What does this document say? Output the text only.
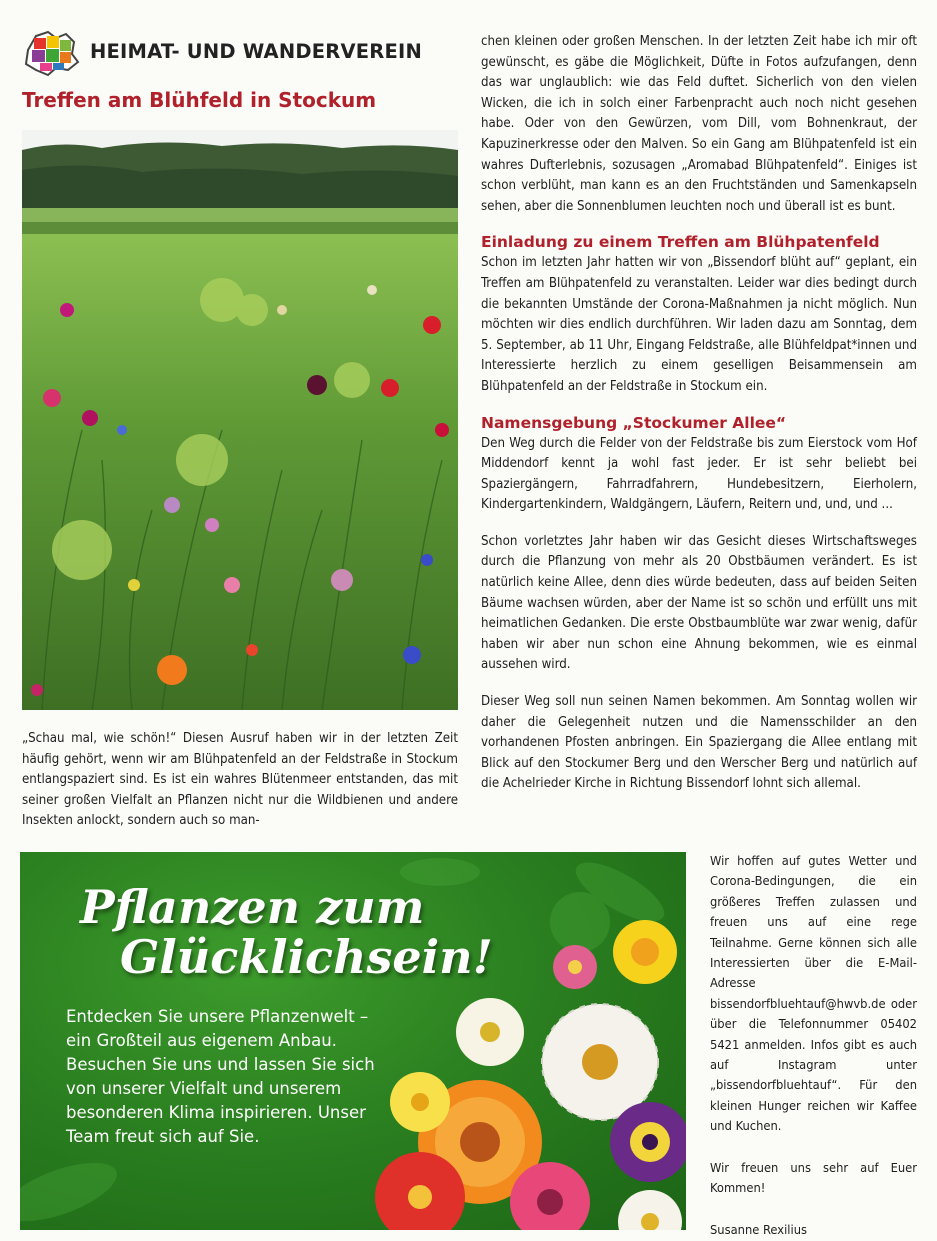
HEIMAT- UND WANDERVEREIN
Treffen am Blühfeld in Stockum
„Schau mal, wie schön!“ Diesen Ausruf haben wir in der letzten Zeit häufig gehört, wenn wir am Blühpatenfeld an der Feldstraße in Stockum entlangspaziert sind. Es ist ein wahres Blütenmeer entstanden, das mit seiner großen Vielfalt an Pflanzen nicht nur die Wildbienen und andere Insekten anlockt, sondern auch so man-
chen kleinen oder großen Menschen. In der letzten Zeit habe ich mir oft gewünscht, es gäbe die Möglichkeit, Düfte in Fotos aufzufangen, denn das war unglaublich: wie das Feld duftet. Sicherlich von den vielen Wicken, die ich in solch einer Farbenpracht auch noch nicht gesehen habe. Oder von den Gewürzen, vom Dill, vom Bohnenkraut, der Kapuzinerkresse oder den Malven. So ein Gang am Blühpatenfeld ist ein wahres Dufterlebnis, sozusagen „Aromabad Blühpatenfeld“. Einiges ist schon verblüht, man kann es an den Fruchtständen und Samenkapseln sehen, aber die Sonnenblumen leuchten noch und überall ist es bunt.
Einladung zu einem Treffen am Blühpatenfeld
Schon im letzten Jahr hatten wir von „Bissendorf blüht auf“ geplant, ein Treffen am Blühpatenfeld zu veranstalten. Leider war dies bedingt durch die bekannten Umstände der Corona-Maßnahmen ja nicht möglich. Nun möchten wir dies endlich durchführen. Wir laden dazu am Sonntag, dem 5. September, ab 11 Uhr, Eingang Feldstraße, alle Blühfeldpat*innen und Interessierte herzlich zu einem geselligen Beisammensein am Blühpatenfeld an der Feldstraße in Stockum ein.
Namensgebung „Stockumer Allee“
Den Weg durch die Felder von der Feldstraße bis zum Eierstock vom Hof Middendorf kennt ja wohl fast jeder. Er ist sehr beliebt bei Spaziergängern, Fahrradfahrern, Hundebesitzern, Eierholern, Kindergartenkindern, Waldgängern, Läufern, Reitern und, und, und ...
Schon vorletztes Jahr haben wir das Gesicht dieses Wirtschaftsweges durch die Pflanzung von mehr als 20 Obstbäumen verändert. Es ist natürlich keine Allee, denn dies würde bedeuten, dass auf beiden Seiten Bäume wachsen würden, aber der Name ist so schön und erfüllt uns mit heimatlichen Gedanken. Die erste Obstbaumblüte war zwar wenig, dafür haben wir aber nun schon eine Ahnung bekommen, wie es einmal aussehen wird.
Dieser Weg soll nun seinen Namen bekommen. Am Sonntag wollen wir daher die Gelegenheit nutzen und die Namensschilder an den vorhandenen Pfosten anbringen. Ein Spaziergang die Allee entlang mit Blick auf den Stockumer Berg und den Werscher Berg und natürlich auf die Achelrieder Kirche in Richtung Bissendorf lohnt sich allemal.
Pflanzen zum
Glücklichsein!
Entdecken Sie unsere Pflanzenwelt – ein Großteil aus eigenem Anbau. Besuchen Sie uns und lassen Sie sich von unserer Vielfalt und unserem besonderen Klima inspirieren. Unser Team freut sich auf Sie.
Wir hoffen auf gutes Wetter und Corona-Bedingungen, die ein größeres Treffen zulassen und freuen uns auf eine rege Teilnahme. Gerne können sich alle Interessierten über die E-Mail-Adresse bissendorfbluehtauf@hwvb.de oder über die Telefonnummer 05402 5421 anmelden. Infos gibt es auch auf Instagram unter „bissendorfbluehtauf“. Für den kleinen Hunger reichen wir Kaffee und Kuchen.
Wir freuen uns sehr auf Euer Kommen!
Susanne Rexilius
